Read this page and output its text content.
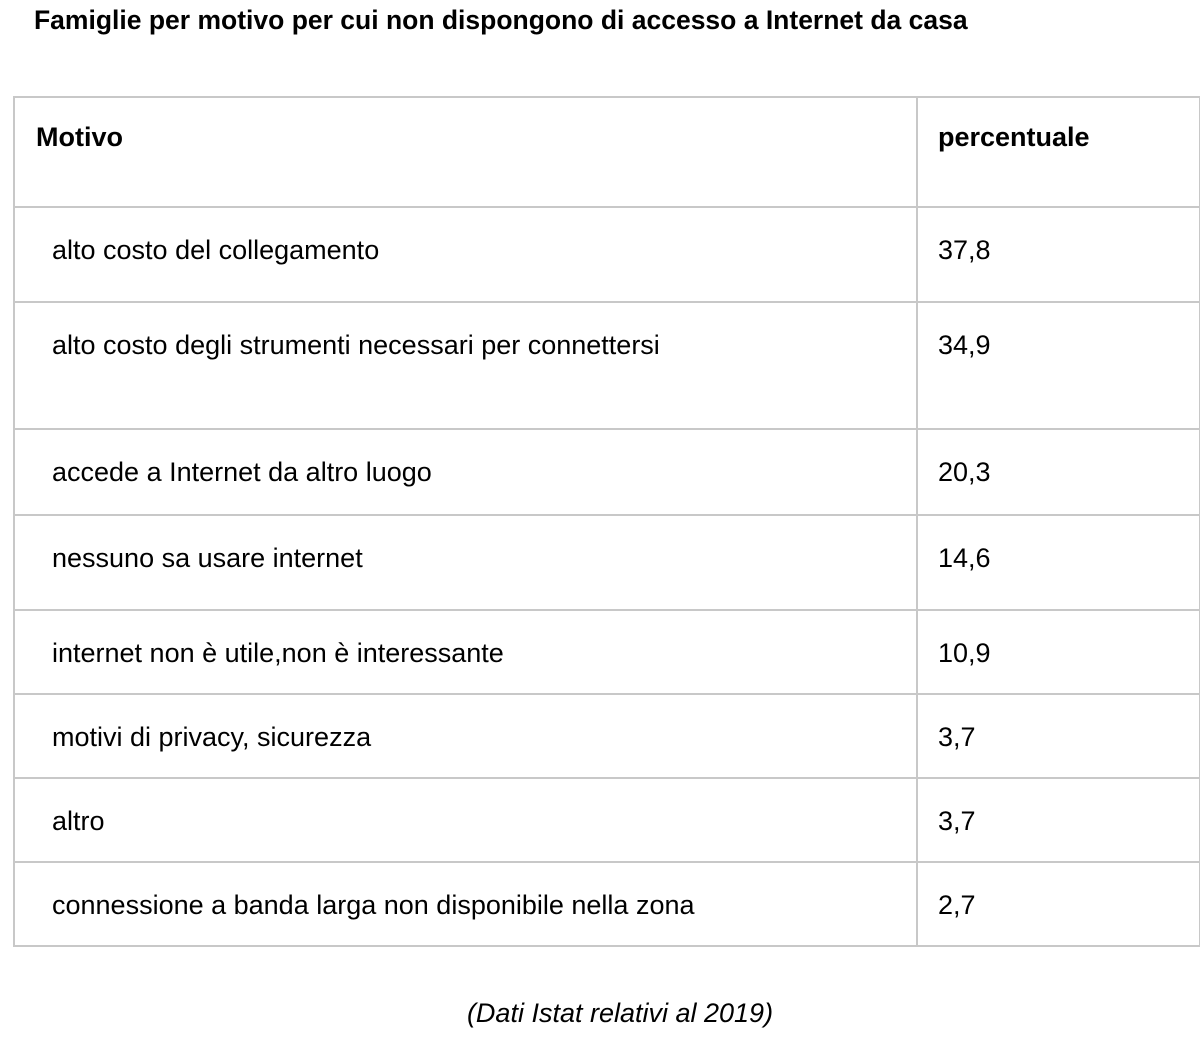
Famiglie per motivo per cui non dispongono di accesso a Internet da casa
Motivo	percentuale
alto costo del collegamento	37,8
alto costo degli strumenti necessari per connettersi	34,9
accede a Internet da altro luogo	20,3
nessuno sa usare internet	14,6
internet non è utile,non è interessante	10,9
motivi di privacy, sicurezza	3,7
altro	3,7
connessione a banda larga non disponibile nella zona	2,7

(Dati Istat relativi al 2019)
